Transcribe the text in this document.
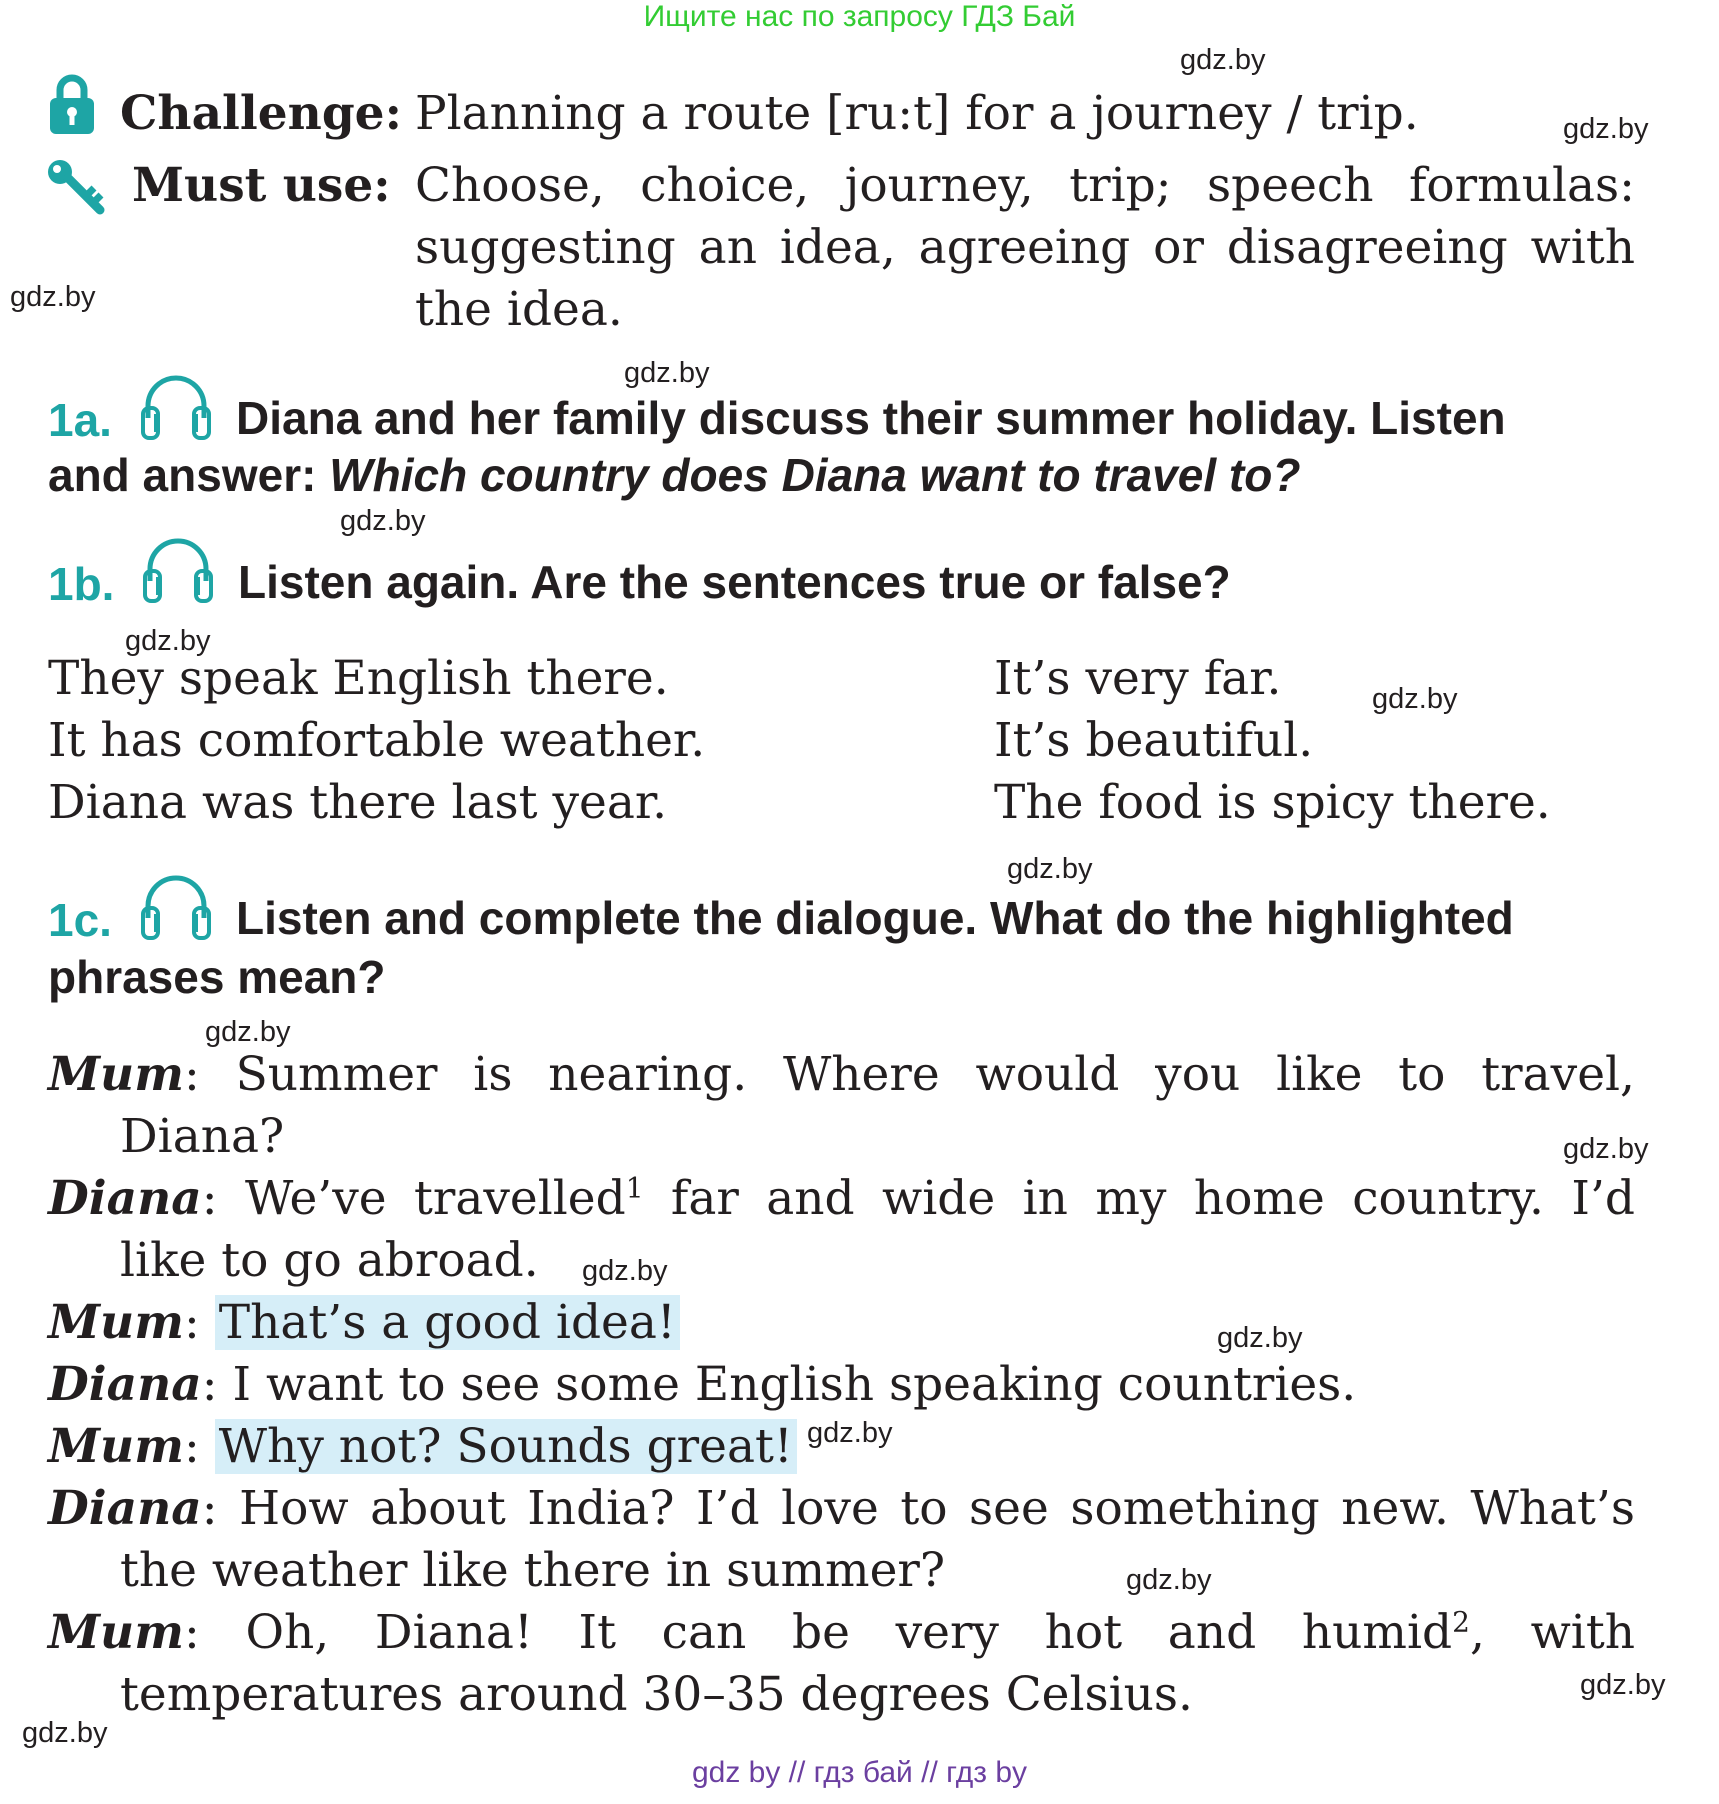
Ищите нас по запросу ГДЗ Бай
gdz.by
gdz.by
gdz.by
gdz.by
gdz.by
gdz.by
gdz.by
gdz.by
gdz.by
gdz.by
gdz.by
gdz.by
gdz.by
gdz.by
gdz.by
gdz.by
Challenge: Planning a route [ru:t] for a journey / trip.
Must use: Choose, choice, journey, trip; speech formulas:
suggesting an idea, agreeing or disagreeing with
the idea.
1a.	Diana and her family discuss their summer holiday. Listen
and answer: Which country does Diana want to travel to?
1b.	Listen again. Are the sentences true or false?
They speak English there.
It has comfortable weather.
Diana was there last year.
It’s very far.
It’s beautiful.
The food is spicy there.
1c.	Listen and complete the dialogue. What do the highlighted
phrases mean?
Mum: Summer is nearing. Where would you like to travel,
Diana?
Diana: We’ve travelled$^1$ far and wide in my home country. I’d
like to go abroad.
Mum: That’s a good idea!
Diana: I want to see some English speaking countries.
Mum: Why not? Sounds great!
Diana: How about India? I’d love to see something new. What’s
the weather like there in summer?
Mum: Oh, Diana! It can be very hot and humid$^2$, with
temperatures around 30–35 degrees Celsius.
gdz by // гдз бай // гдз by
